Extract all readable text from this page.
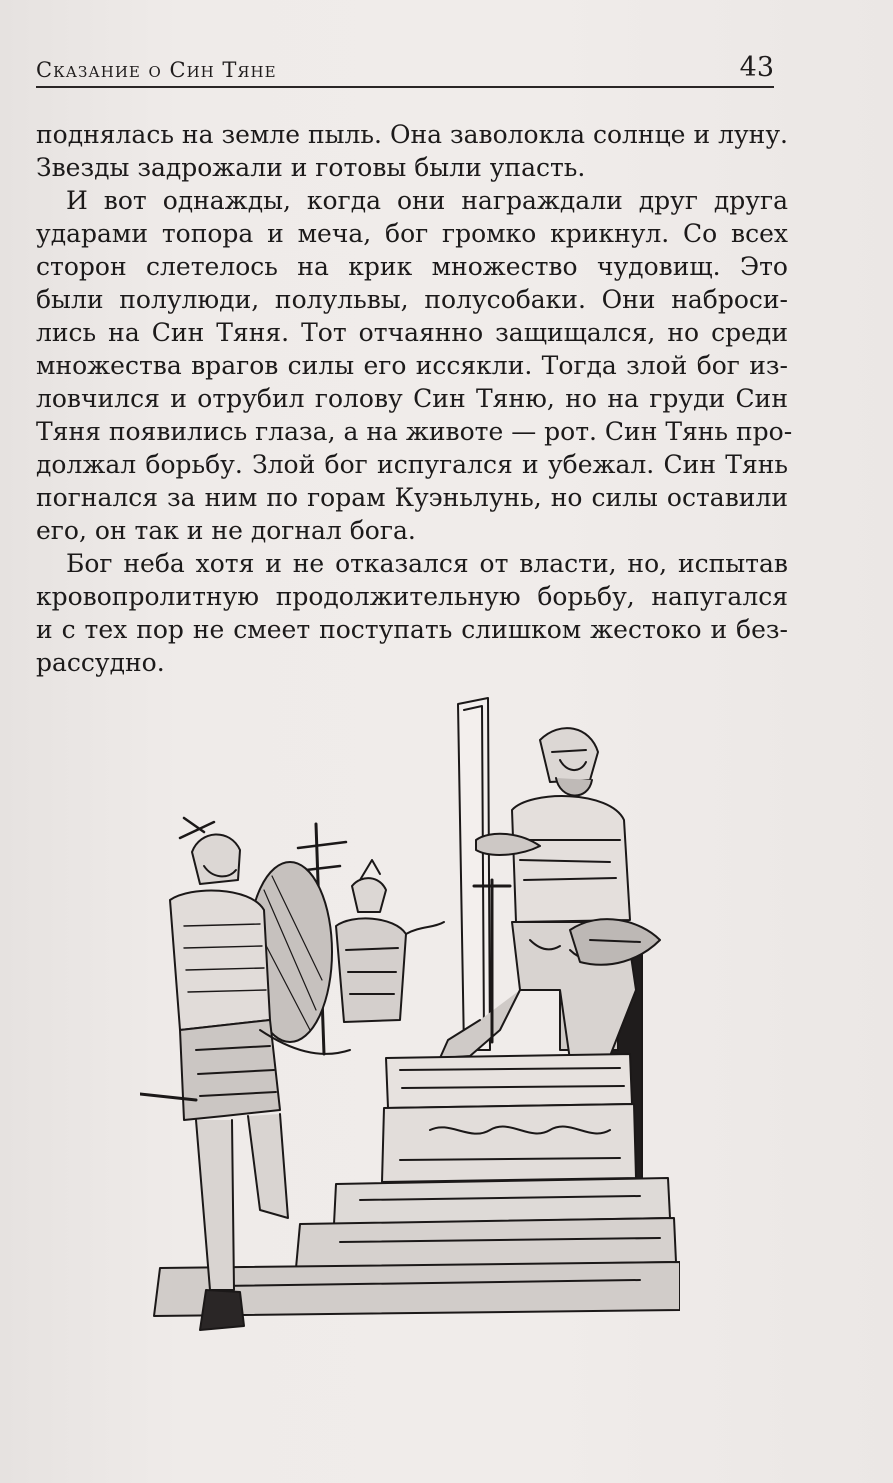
Сказание о Син Тяне	43

поднялась на земле пыль. Она заволокла солнце и луну.
Звезды задрожали и готовы были упасть.

И вот однажды, когда они награждали друг друга
ударами топора и меча, бог громко крикнул. Со всех
сторон слетелось на крик множество чудовищ. Это
были полулюди, полульвы, полусобаки. Они наброси-
лись на Син Тяня. Тот отчаянно защищался, но среди
множества врагов силы его иссякли. Тогда злой бог из-
ловчился и отрубил голову Син Тяню, но на груди Син
Тяня появились глаза, а на животе — рот. Син Тянь про-
должал борьбу. Злой бог испугался и убежал. Син Тянь
погнался за ним по горам Куэньлунь, но силы оставили
его, он так и не догнал бога.

Бог неба хотя и не отказался от власти, но, испытав
кровопролитную продолжительную борьбу, напугался
и с тех пор не смеет поступать слишком жестоко и без-
рассудно.
